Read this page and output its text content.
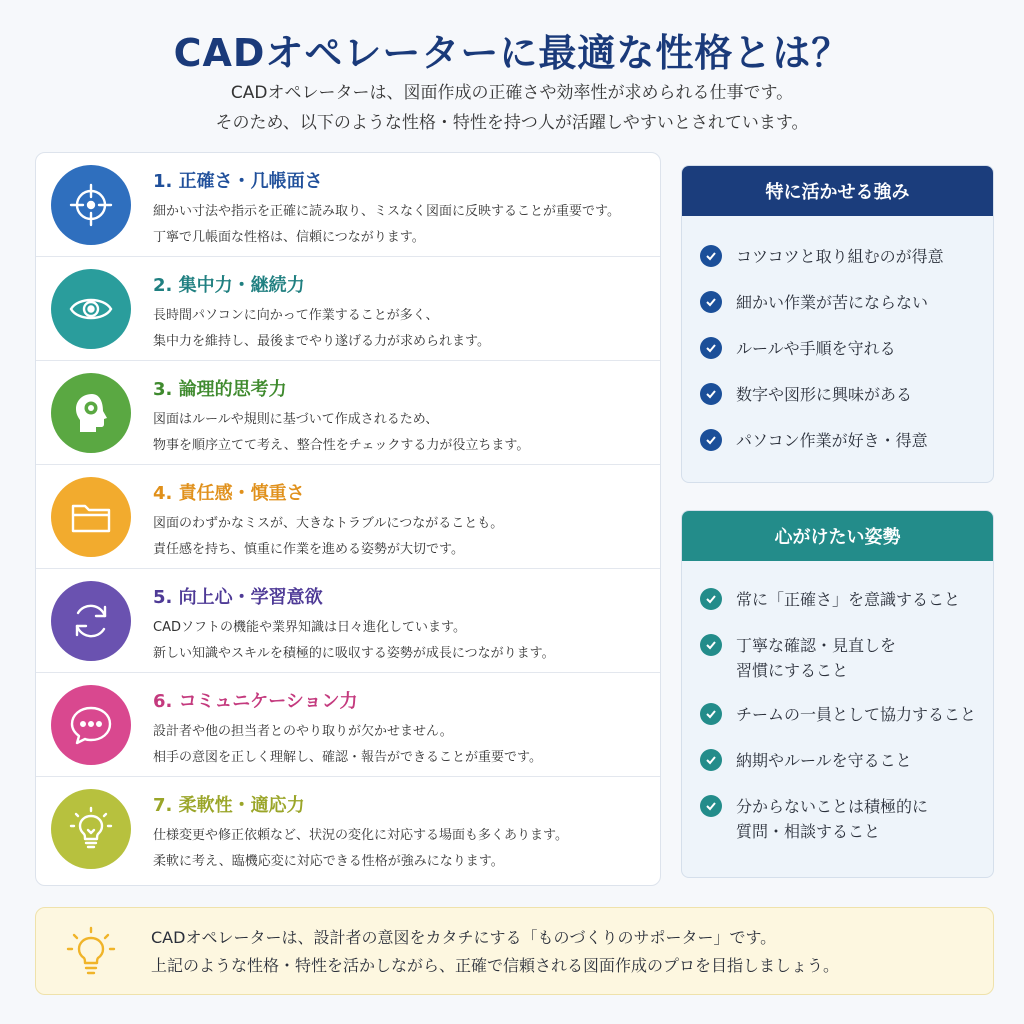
CADオペレーターに最適な性格とは？
CADオペレーターは、図面作成の正確さや効率性が求められる仕事です。
そのため、以下のような性格・特性を持つ人が活躍しやすいとされています。
1. 正確さ・几帳面さ
細かい寸法や指示を正確に読み取り、ミスなく図面に反映することが重要です。
丁寧で几帳面な性格は、信頼につながります。
2. 集中力・継続力
長時間パソコンに向かって作業することが多く、
集中力を維持し、最後までやり遂げる力が求められます。
3. 論理的思考力
図面はルールや規則に基づいて作成されるため、
物事を順序立てて考え、整合性をチェックする力が役立ちます。
4. 責任感・慎重さ
図面のわずかなミスが、大きなトラブルにつながることも。
責任感を持ち、慎重に作業を進める姿勢が大切です。
5. 向上心・学習意欲
CADソフトの機能や業界知識は日々進化しています。
新しい知識やスキルを積極的に吸収する姿勢が成長につながります。
6. コミュニケーション力
設計者や他の担当者とのやり取りが欠かせません。
相手の意図を正しく理解し、確認・報告ができることが重要です。
7. 柔軟性・適応力
仕様変更や修正依頼など、状況の変化に対応する場面も多くあります。
柔軟に考え、臨機応変に対応できる性格が強みになります。
特に活かせる強み
コツコツと取り組むのが得意
細かい作業が苦にならない
ルールや手順を守れる
数字や図形に興味がある
パソコン作業が好き・得意
心がけたい姿勢
常に「正確さ」を意識すること
丁寧な確認・見直しを
習慣にすること
チームの一員として協力すること
納期やルールを守ること
分からないことは積極的に
質問・相談すること
CADオペレーターは、設計者の意図をカタチにする「ものづくりのサポーター」です。
上記のような性格・特性を活かしながら、正確で信頼される図面作成のプロを目指しましょう。
